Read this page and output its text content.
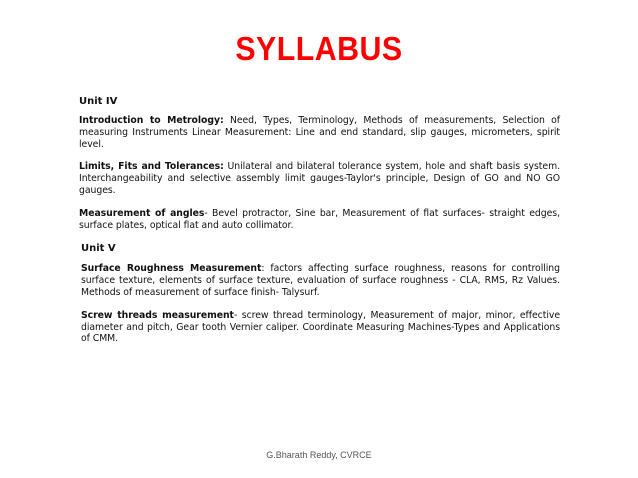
SYLLABUS
Unit IV

Introduction to Metrology: Need, Types, Terminology, Methods of measurements, Selection of measuring Instruments Linear Measurement: Line and end standard, slip gauges, micrometers, spirit level.

Limits, Fits and Tolerances: Unilateral and bilateral tolerance system, hole and shaft basis system. Interchangeability and selective assembly limit gauges-Taylor's principle, Design of GO and NO GO gauges.

Measurement of angles- Bevel protractor, Sine bar, Measurement of flat surfaces- straight edges, surface plates, optical flat and auto collimator.

Unit V

Surface Roughness Measurement: factors affecting surface roughness, reasons for controlling surface texture, elements of surface texture, evaluation of surface roughness - CLA, RMS, Rz Values. Methods of measurement of surface finish- Talysurf.

Screw threads measurement- screw thread terminology, Measurement of major, minor, effective diameter and pitch, Gear tooth Vernier caliper. Coordinate Measuring Machines-Types and Applications of CMM.

G.Bharath Reddy, CVRCE
